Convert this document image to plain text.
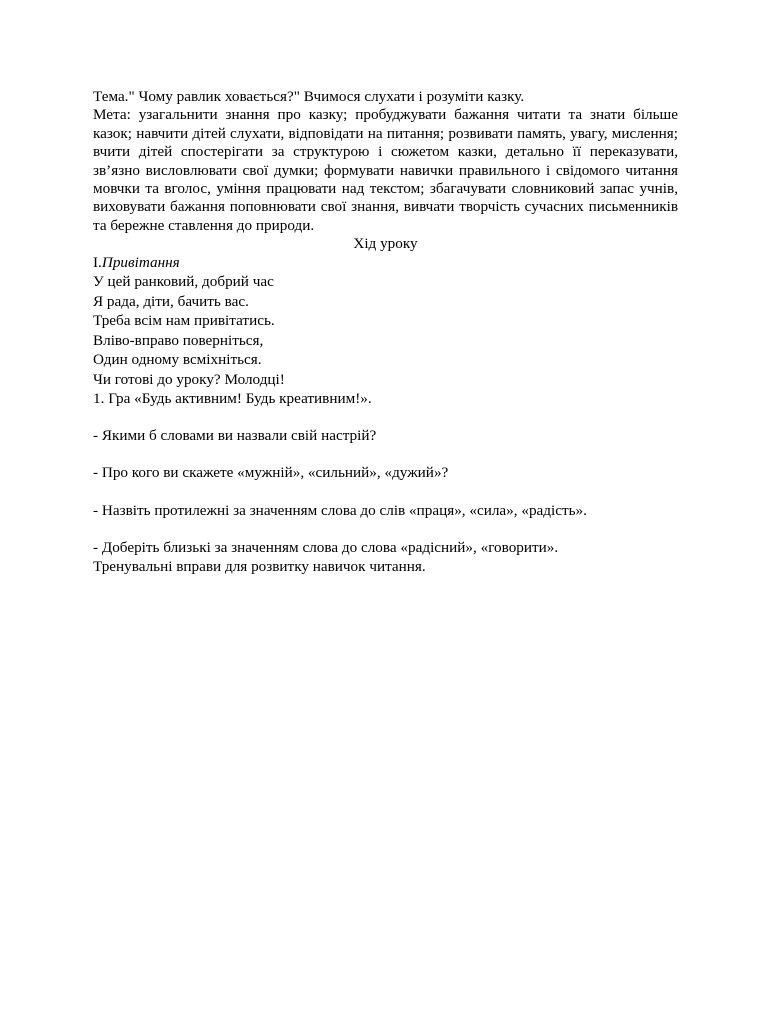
Тема." Чому равлик ховається?" Вчимося слухати і розуміти казку.

Мета: узагальнити знання про казку; пробуджувати бажання читати та знати більше казок; навчити дітей слухати, відповідати на питання; розвивати память, увагу, мислення; вчити дітей спостерігати за структурою і сюжетом казки, детально її переказувати, зв’язно висловлювати свої думки; формувати навички правильного і свідомого читання мовчки та вголос, уміння працювати над текстом; збагачувати словниковий запас учнів, виховувати бажання поповнювати свої знання, вивчати творчість сучасних письменників та бережне ставлення до природи.

Хід уроку

І.Привітання

У цей ранковий, добрий час

Я рада, діти, бачить вас.

Треба всім нам привітатись.

Вліво-вправо поверніться,

Один одному всміхніться.

Чи готові до уроку? Молодці!

1. Гра «Будь активним! Будь креативним!».

- Якими б словами ви назвали свій настрій?

- Про кого ви скажете «мужній», «сильний», «дужий»?

- Назвіть протилежні за значенням слова до слів «праця», «сила», «радість».

- Доберіть близькі за значенням слова до слова «радісний», «говорити».

Тренувальні вправи для розвитку навичок читання.
